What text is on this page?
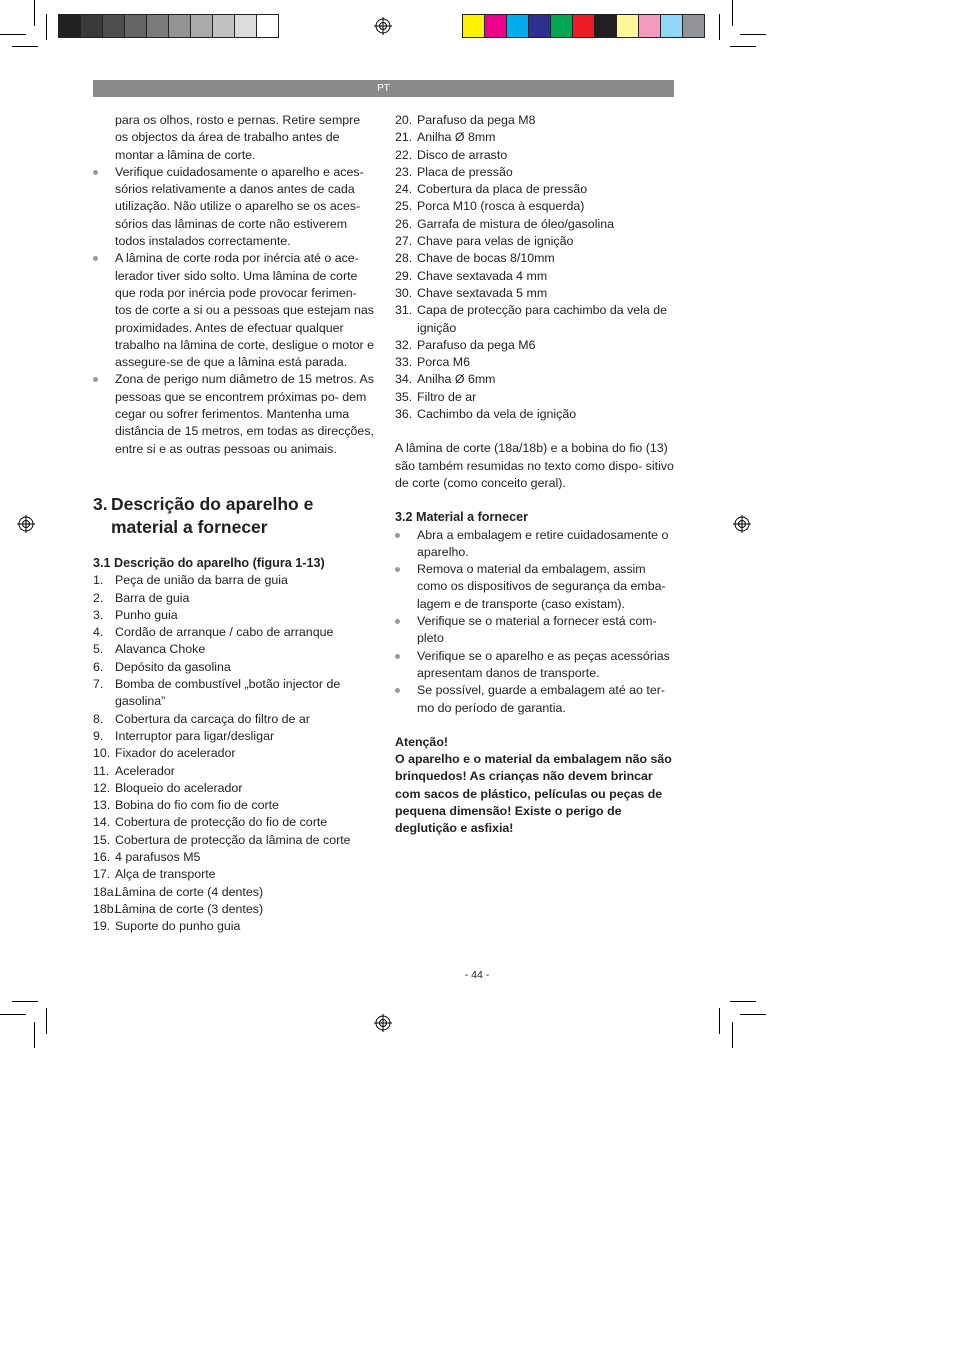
PT

para os olhos, rosto e pernas. Retire sempre os objectos da área de trabalho antes de montar a lâmina de corte.

Verifique cuidadosamente o aparelho e aces- sórios relativamente a danos antes de cada utilização. Não utilize o aparelho se os aces- sórios das lâminas de corte não estiverem todos instalados correctamente.
A lâmina de corte roda por inércia até o ace- lerador tiver sido solto. Uma lâmina de corte que roda por inércia pode provocar ferimen- tos de corte a si ou a pessoas que estejam nas proximidades. Antes de efectuar qualquer trabalho na lâmina de corte, desligue o motor e assegure-se de que a lâmina está parada.
Zona de perigo num diâmetro de 15 metros. As pessoas que se encontrem próximas po- dem cegar ou sofrer ferimentos. Mantenha uma distância de 15 metros, em todas as direcções, entre si e as outras pessoas ou animais.
3. Descrição do aparelho e material a fornecer

3.1 Descrição do aparelho (figura 1-13)

1. Peça de união da barra de guia
2. Barra de guia
3. Punho guia
4. Cordão de arranque / cabo de arranque
5. Alavanca Choke
6. Depósito da gasolina
7. Bomba de combustível „botão injector de gasolina”
8. Cobertura da carcaça do filtro de ar
9. Interruptor para ligar/desligar
10. Fixador do acelerador
11. Acelerador
12. Bloqueio do acelerador
13. Bobina do fio com fio de corte
14. Cobertura de protecção do fio de corte
15. Cobertura de protecção da lâmina de corte
16. 4 parafusos M5
17. Alça de transporte
18a.
Lâmina de corte (4 dentes)
18b.
Lâmina de corte (3 dentes)
19. Suporte do punho guia
20. Parafuso da pega M8
21. Anilha Ø 8mm
22. Disco de arrasto
23. Placa de pressão
24. Cobertura da placa de pressão
25. Porca M10 (rosca à esquerda)
26. Garrafa de mistura de óleo/gasolina
27. Chave para velas de ignição
28. Chave de bocas 8/10mm
29. Chave sextavada 4 mm
30. Chave sextavada 5 mm
31. Capa de protecção para cachimbo da vela de ignição
32. Parafuso da pega M6
33. Porca M6
34. Anilha Ø 6mm
35. Filtro de ar
36. Cachimbo da vela de ignição

A lâmina de corte (18a/18b) e a bobina do fio (13) são também resumidas no texto como dispo- sitivo de corte (como conceito geral).

3.2 Material a fornecer

Abra a embalagem e retire cuidadosamente o aparelho.
Remova o material da embalagem, assim como os dispositivos de segurança da emba- lagem e de transporte (caso existam).
Verifique se o material a fornecer está com- pleto
Verifique se o aparelho e as peças acessórias apresentam danos de transporte.
Se possível, guarde a embalagem até ao ter- mo do período de garantia.

Atenção!

O aparelho e o material da embalagem não são brinquedos! As crianças não devem brincar com sacos de plástico, películas ou peças de pequena dimensão! Existe o perigo de deglutição e asfixia!

- 44 -
